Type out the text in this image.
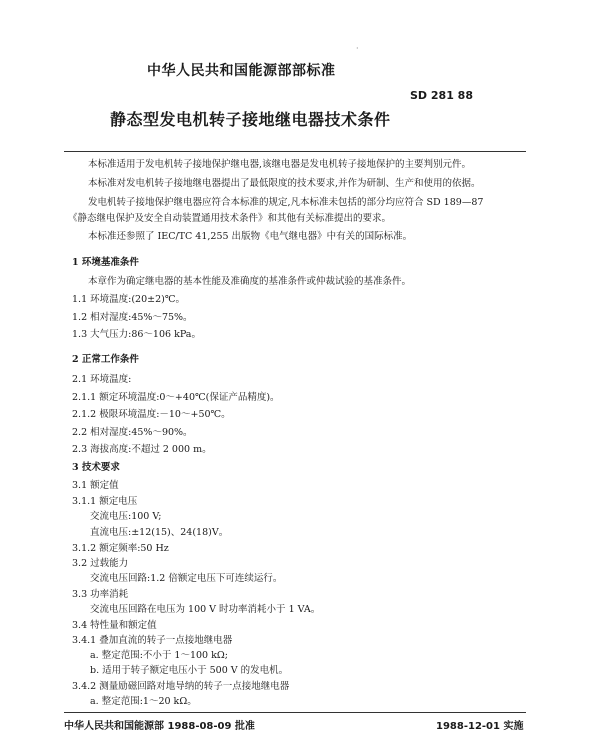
·
中华人民共和国能源部部标准
SD 281 88
静态型发电机转子接地继电器技术条件
本标准适用于发电机转子接地保护继电器,该继电器是发电机转子接地保护的主要判别元件。
本标准对发电机转子接地继电器提出了最低限度的技术要求,并作为研制、生产和使用的依据。
发电机转子接地保护继电器应符合本标准的规定,凡本标准未包括的部分均应符合 SD 189—87
《静态继电保护及安全自动装置通用技术条件》和其他有关标准提出的要求。
本标准还参照了 IEC/TC 41,255 出版物《电气继电器》中有关的国际标准。
1 环境基准条件
本章作为确定继电器的基本性能及准确度的基准条件或仲裁试验的基准条件。
1.1 环境温度:(20±2)℃。
1.2 相对湿度:45%～75%。
1.3 大气压力:86～106 kPa。
2 正常工作条件
2.1 环境温度:
2.1.1 额定环境温度:0～+40℃(保证产品精度)。
2.1.2 极限环境温度:－10～+50℃。
2.2 相对湿度:45%～90%。
2.3 海拔高度:不超过 2 000 m。
3 技术要求
3.1 额定值
3.1.1 额定电压
交流电压:100 V;
直流电压:±12(15)、24(18)V。
3.1.2 额定频率:50 Hz
3.2 过载能力
交流电压回路:1.2 倍额定电压下可连续运行。
3.3 功率消耗
交流电压回路在电压为 100 V 时功率消耗小于 1 VA。
3.4 特性量和额定值
3.4.1 叠加直流的转子一点接地继电器
a. 整定范围:不小于 1～100 kΩ;
b. 适用于转子额定电压小于 500 V 的发电机。
3.4.2 测量励磁回路对地导纳的转子一点接地继电器
a. 整定范围:1～20 kΩ。
中华人民共和国能源部 1988-08-09 批准	1988-12-01 实施
